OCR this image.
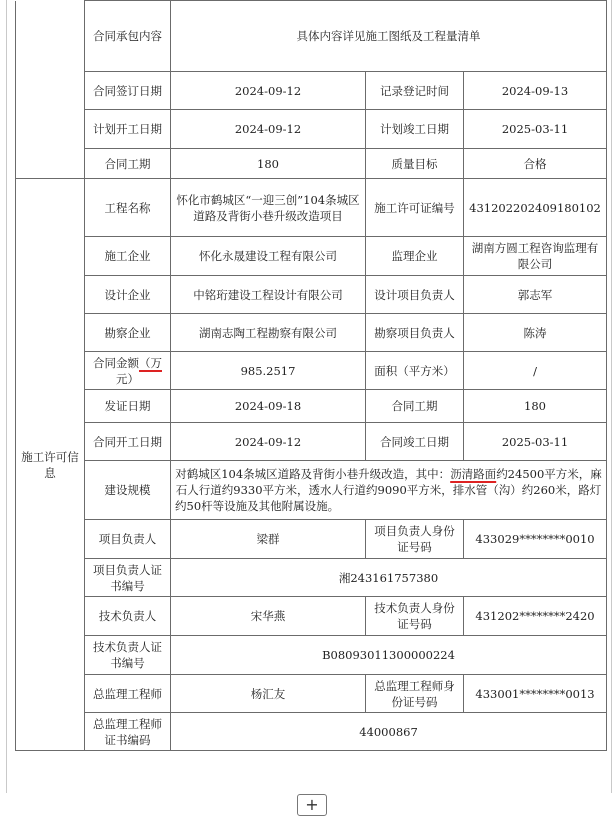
	合同承包内容	具体内容详见施工图纸及工程量清单		
	合同签订日期	2024-09-12	记录登记时间	2024-09-13
	计划开工日期	2024-09-12	计划竣工日期	2025-03-11
	合同工期	180	质量目标	合格
施工许可信息	工程名称	怀化市鹤城区“一迎三创”104条城区道路及背街小巷升级改造项目	施工许可证编号	431202202409180102
	施工企业	怀化永晟建设工程有限公司	监理企业	湖南方圆工程咨询监理有限公司
	设计企业	中铭珩建设工程设计有限公司	设计项目负责人	郭志军
	勘察企业	湖南志陶工程勘察有限公司	勘察项目负责人	陈涛
	合同金额（万元）	985.2517	面积（平方米）	/
	发证日期	2024-09-18	合同工期	180
	合同开工日期	2024-09-12	合同竣工日期	2025-03-11
	建设规模	对鹤城区104条城区道路及背街小巷升级改造，其中：沥清路面约24500平方米，麻石人行道约9330平方米，透水人行道约9090平方米，排水管（沟）约260米，路灯约50杆等设施及其他附属设施。		
	项目负责人	梁群	项目负责人身份证号码	433029********0010
	项目负责人证书编号	湘243161757380		
	技术负责人	宋华燕	技术负责人身份证号码	431202********2420
	技术负责人证书编号	B08093011300000224		
	总监理工程师	杨汇友	总监理工程师身份证号码	433001********0013
	总监理工程师证书编码	44000867		
+
